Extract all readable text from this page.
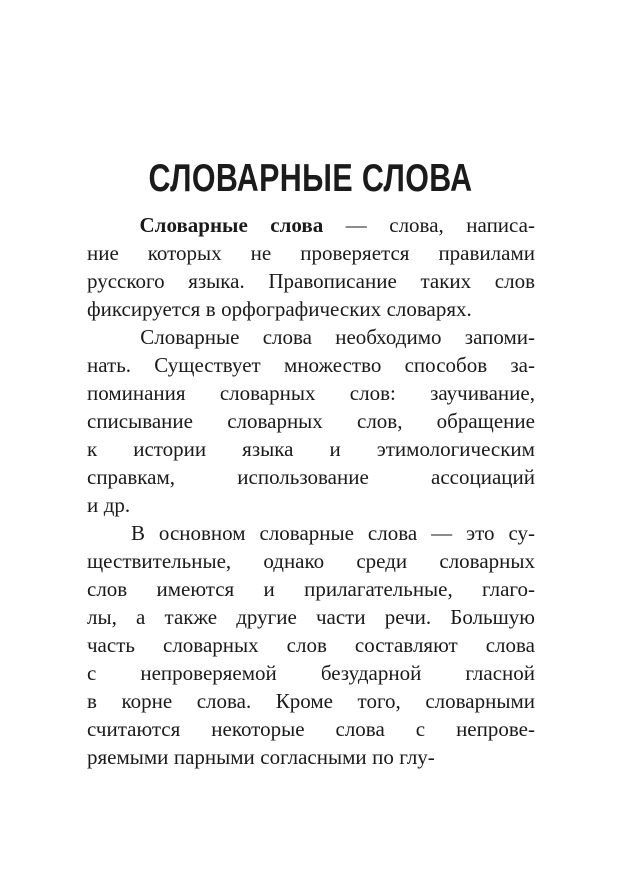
СЛОВАРНЫЕ СЛОВА
Словарные слова — слова, написа-
ние которых не проверяется правилами
русского языка. Правописание таких слов
фиксируется в орфографических словарях.
Словарные слова необходимо запоми-
нать. Существует множество способов за-
поминания словарных слов: заучивание,
списывание словарных слов, обращение
к истории языка и этимологическим
справкам,	использование	ассоциаций
и др.
В основном словарные слова — это су-
ществительные, однако среди словарных
слов имеются и прилагательные, глаго-
лы, а также другие части речи. Большую
часть словарных слов составляют слова
с непроверяемой безударной гласной
в корне слова. Кроме того, словарными
считаются некоторые слова с непрове-
ряемыми парными согласными по глу-
